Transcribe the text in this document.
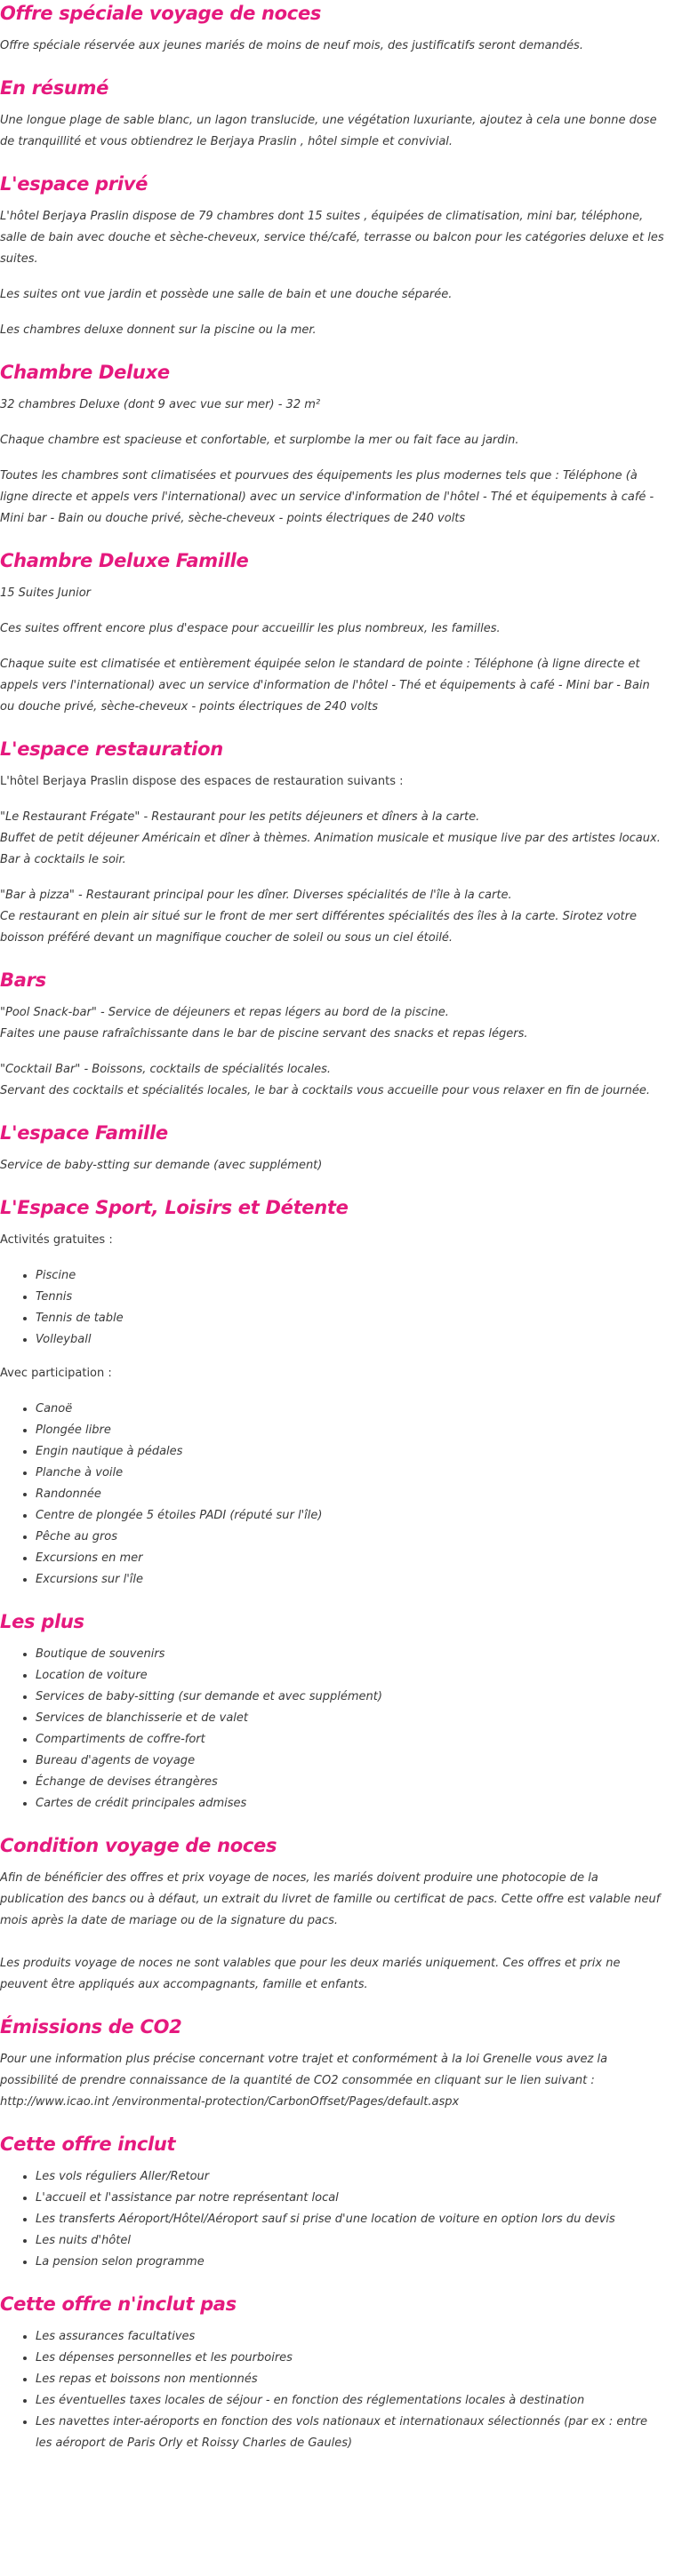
Offre spéciale voyage de noces

Offre spéciale réservée aux jeunes mariés de moins de neuf mois, des justificatifs seront demandés.

En résumé

Une longue plage de sable blanc, un lagon translucide, une végétation luxuriante, ajoutez à cela une bonne dose de tranquillité et vous obtiendrez le Berjaya Praslin , hôtel simple et convivial.

L'espace privé

L'hôtel Berjaya Praslin dispose de 79 chambres dont 15 suites , équipées de climatisation, mini bar, téléphone, salle de bain avec douche et sèche-cheveux, service thé/café, terrasse ou balcon pour les catégories deluxe et les suites.

Les suites ont vue jardin et possède une salle de bain et une douche séparée.

Les chambres deluxe donnent sur la piscine ou la mer.

Chambre Deluxe

32 chambres Deluxe (dont 9 avec vue sur mer) - 32 m²

Chaque chambre est spacieuse et confortable, et surplombe la mer ou fait face au jardin.

Toutes les chambres sont climatisées et pourvues des équipements les plus modernes tels que : Téléphone (à ligne directe et appels vers l'international) avec un service d'information de l'hôtel - Thé et équipements à café - Mini bar - Bain ou douche privé, sèche-cheveux - points électriques de 240 volts

Chambre Deluxe Famille

15 Suites Junior

Ces suites offrent encore plus d'espace pour accueillir les plus nombreux, les familles.

Chaque suite est climatisée et entièrement équipée selon le standard de pointe : Téléphone (à ligne directe et appels vers l'international) avec un service d'information de l'hôtel - Thé et équipements à café - Mini bar - Bain ou douche privé, sèche-cheveux - points électriques de 240 volts

L'espace restauration

L'hôtel Berjaya Praslin dispose des espaces de restauration suivants :

"Le Restaurant Frégate" - Restaurant pour les petits déjeuners et dîners à la carte.
Buffet de petit déjeuner Américain et dîner à thèmes. Animation musicale et musique live par des artistes locaux. Bar à cocktails le soir.

"Bar à pizza" - Restaurant principal pour les dîner. Diverses spécialités de l'île à la carte.
Ce restaurant en plein air situé sur le front de mer sert différentes spécialités des îles à la carte. Sirotez votre boisson préféré devant un magnifique coucher de soleil ou sous un ciel étoilé.

Bars

"Pool Snack-bar" - Service de déjeuners et repas légers au bord de la piscine.
Faites une pause rafraîchissante dans le bar de piscine servant des snacks et repas légers.

"Cocktail Bar" - Boissons, cocktails de spécialités locales.
Servant des cocktails et spécialités locales, le bar à cocktails vous accueille pour vous relaxer en fin de journée.

L'espace Famille

Service de baby-stting sur demande (avec supplément)

L'Espace Sport, Loisirs et Détente

Activités gratuites :

• Piscine
• Tennis
• Tennis de table
• Volleyball

Avec participation :

• Canoë
• Plongée libre
• Engin nautique à pédales
• Planche à voile
• Randonnée
• Centre de plongée 5 étoiles PADI (réputé sur l'île)
• Pêche au gros
• Excursions en mer
• Excursions sur l'île
Les plus
• Boutique de souvenirs
• Location de voiture
• Services de baby-sitting (sur demande et avec supplément)
• Services de blanchisserie et de valet
• Compartiments de coffre-fort
• Bureau d'agents de voyage
• Échange de devises étrangères
• Cartes de crédit principales admises
Condition voyage de noces

Afin de bénéficier des offres et prix voyage de noces, les mariés doivent produire une photocopie de la publication des bancs ou à défaut, un extrait du livret de famille ou certificat de pacs. Cette offre est valable neuf mois après la date de mariage ou de la signature du pacs.

Les produits voyage de noces ne sont valables que pour les deux mariés uniquement. Ces offres et prix ne peuvent être appliqués aux accompagnants, famille et enfants.

Émissions de CO2

Pour une information plus précise concernant votre trajet et conformément à la loi Grenelle vous avez la possibilité de prendre connaissance de la quantité de CO2 consommée en cliquant sur le lien suivant : http://www.icao.int /environmental-protection/CarbonOffset/Pages/default.aspx

Cette offre inclut
• Les vols réguliers Aller/Retour
• L'accueil et l'assistance par notre représentant local
• Les transferts Aéroport/Hôtel/Aéroport sauf si prise d'une location de voiture en option lors du devis
• Les nuits d'hôtel
• La pension selon programme
Cette offre n'inclut pas
• Les assurances facultatives
• Les dépenses personnelles et les pourboires
• Les repas et boissons non mentionnés
• Les éventuelles taxes locales de séjour - en fonction des réglementations locales à destination
• Les navettes inter-aéroports en fonction des vols nationaux et internationaux sélectionnés (par ex : entre les aéroport de Paris Orly et Roissy Charles de Gaules)
